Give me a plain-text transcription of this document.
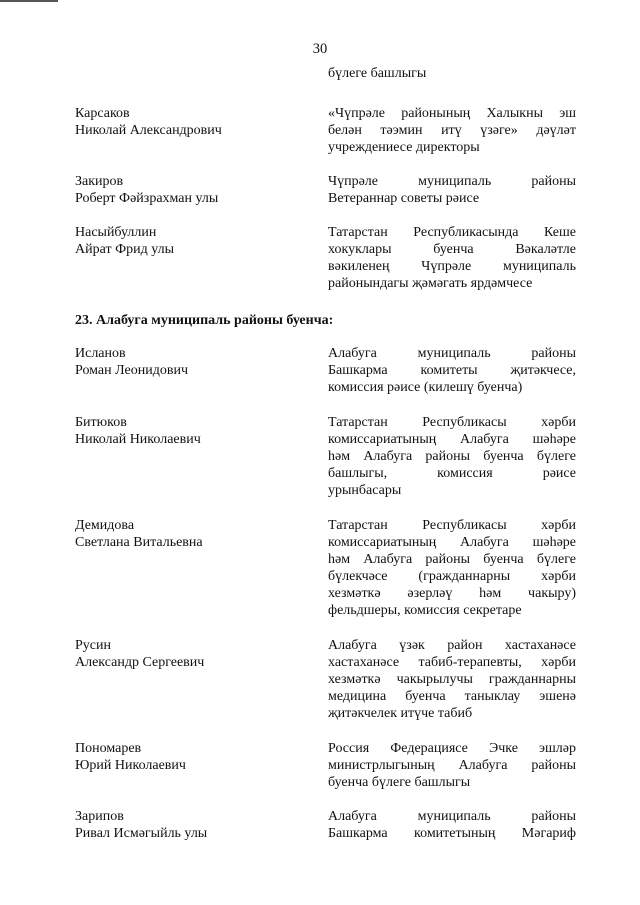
30
бүлеге башлыгы
Карсаков
Николай Александрович
«Чүпрәле районының Халыкны эш
белән тәэмин итү үзәге» дәүләт
учреждениесе директоры
Закиров
Роберт Фәйзрахман улы
Чүпрәле муниципаль районы
Ветераннар советы рәисе
Насыйбуллин
Айрат Фрид улы
Татарстан Республикасында Кеше
хокуклары буенча Вәкаләтле
вәкиленең Чүпрәле муниципаль
районындагы җәмәгать ярдәмчесе
23. Алабуга муниципаль районы буенча:
Исланов
Роман Леонидович
Алабуга муниципаль районы
Башкарма комитеты җитәкчесе,
комиссия рәисе (килешү буенча)
Битюков
Николай Николаевич
Татарстан Республикасы хәрби
комиссариатының Алабуга шәһәре
һәм Алабуга районы буенча бүлеге
башлыгы, комиссия рәисе
урынбасары
Демидова
Светлана Витальевна
Татарстан Республикасы хәрби
комиссариатының Алабуга шәһәре
һәм Алабуга районы буенча бүлеге
бүлекчәсе (гражданнарны хәрби
хезмәткә әзерләү һәм чакыру)
фельдшеры, комиссия секретаре
Русин
Александр Сергеевич
Алабуга үзәк район хастаханәсе
хастаханәсе табиб-терапевты, хәрби
хезмәткә чакырылучы гражданнарны
медицина буенча таныклау эшенә
җитәкчелек итүче табиб
Пономарев
Юрий Николаевич
Россия Федерациясе Эчке эшләр
министрлыгының Алабуга районы
буенча бүлеге башлыгы
Зарипов
Ривал Исмәгыйль улы
Алабуга муниципаль районы
Башкарма комитетының Мәгариф
